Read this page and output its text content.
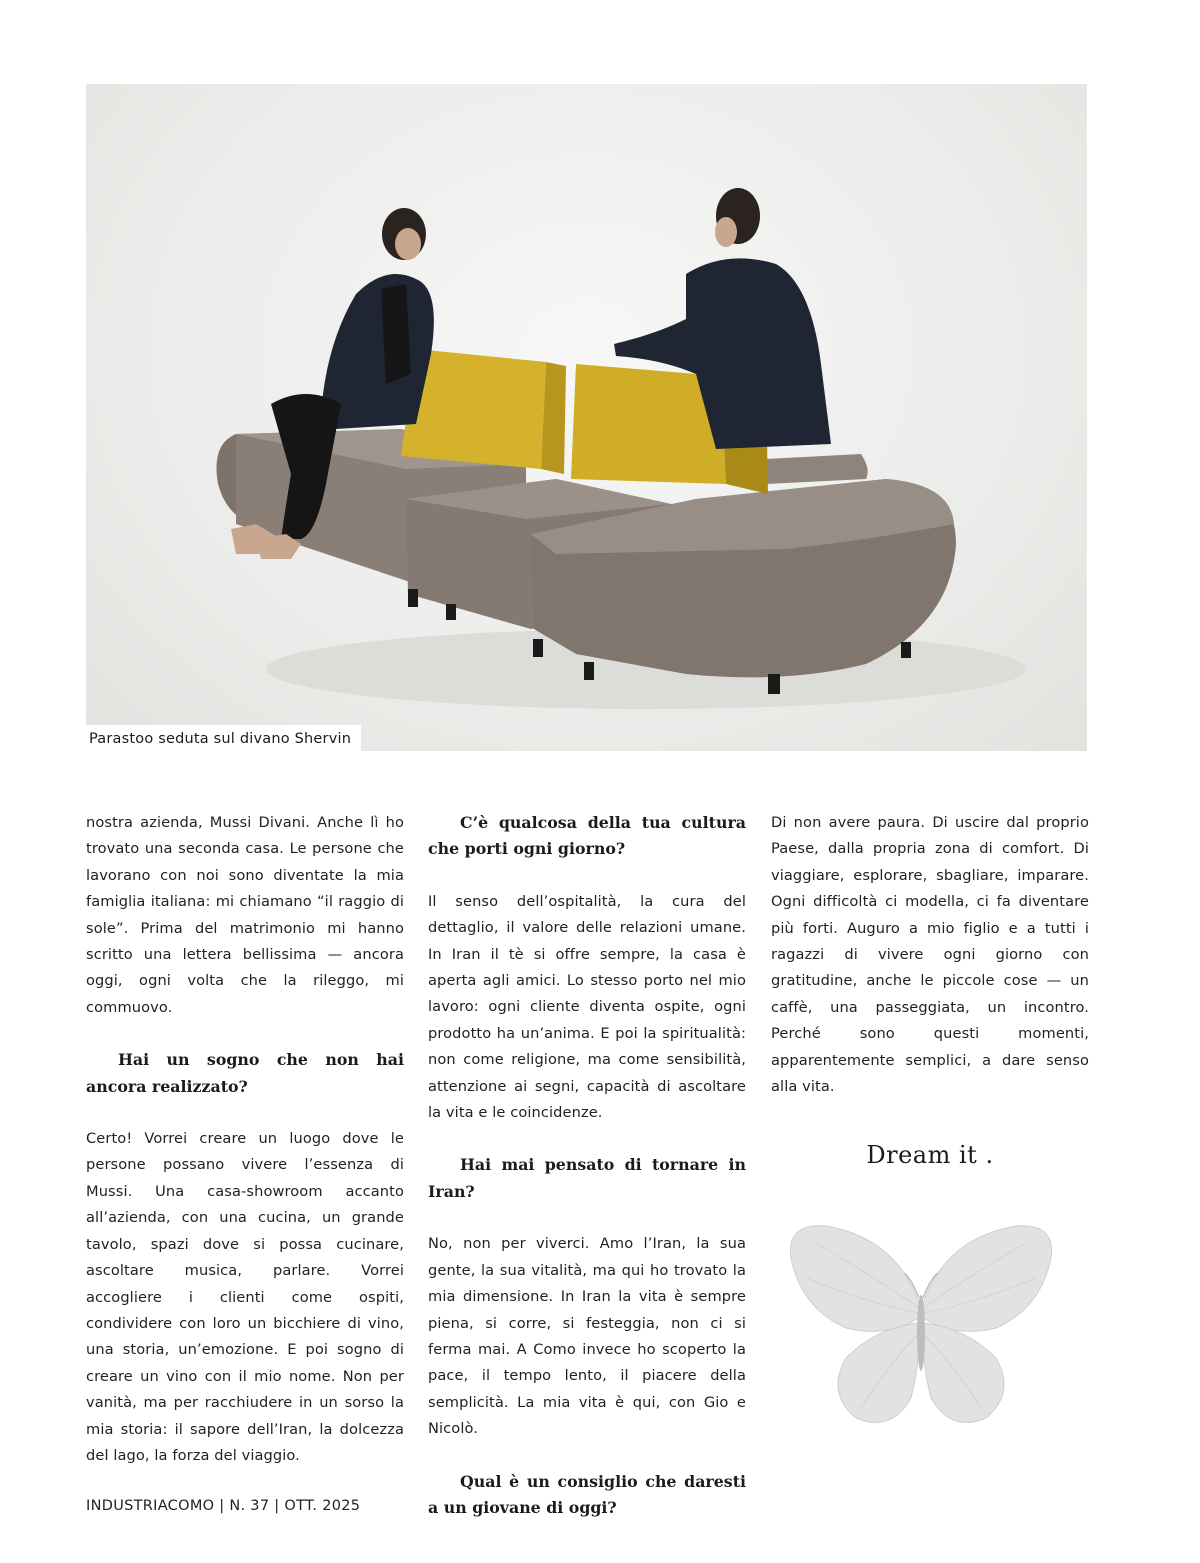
Parastoo seduta sul divano Shervin

nostra azienda, Mussi Divani. Anche lì ho trovato una seconda casa. Le persone che lavorano con noi sono diventate la mia famiglia italiana: mi chiamano “il raggio di sole”. Prima del matrimonio mi hanno scritto una lettera bellissima — ancora oggi, ogni volta che la rileggo, mi commuovo.

Hai un sogno che non hai ancora realizzato?

Certo! Vorrei creare un luogo dove le persone possano vivere l’essenza di Mussi. Una casa-showroom accanto all’azienda, con una cucina, un grande tavolo, spazi dove si possa cucinare, ascoltare musica, parlare. Vorrei accogliere i clienti come ospiti, condividere con loro un bicchiere di vino, una storia, un’emozione. E poi sogno di creare un vino con il mio nome. Non per vanità, ma per racchiudere in un sorso la mia storia: il sapore dell’Iran, la dolcezza del lago, la forza del viaggio.

C’è qualcosa della tua cultura che porti ogni giorno?

Il senso dell’ospitalità, la cura del dettaglio, il valore delle relazioni umane. In Iran il tè si offre sempre, la casa è aperta agli amici. Lo stesso porto nel mio lavoro: ogni cliente diventa ospite, ogni prodotto ha un’anima. E poi la spiritualità: non come religione, ma come sensibilità, attenzione ai segni, capacità di ascoltare la vita e le coincidenze.

Hai mai pensato di tornare in Iran?

No, non per viverci. Amo l’Iran, la sua gente, la sua vitalità, ma qui ho trovato la mia dimensione. In Iran la vita è sempre piena, si corre, si festeggia, non ci si ferma mai. A Como invece ho scoperto la pace, il tempo lento, il piacere della semplicità. La mia vita è qui, con Gio e Nicolò.

Qual è un consiglio che daresti a un giovane di oggi?

Di non avere paura. Di uscire dal proprio Paese, dalla propria zona di comfort. Di viaggiare, esplorare, sbagliare, imparare. Ogni difficoltà ci modella, ci fa diventare più forti. Auguro a mio figlio e a tutti i ragazzi di vivere ogni giorno con gratitudine, anche le piccole cose — un caffè, una passeggiata, un incontro. Perché sono questi momenti, apparentemente semplici, a dare senso alla vita.

Dream it .
INDUSTRIACOMO | N. 37 | OTT. 2025
